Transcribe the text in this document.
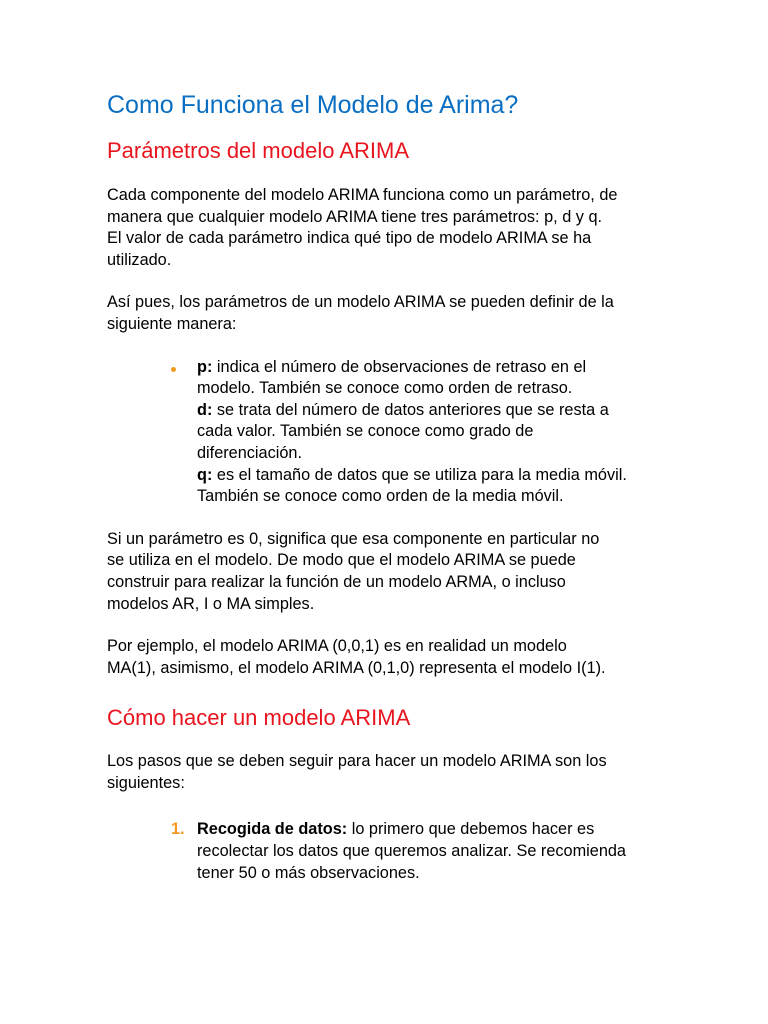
Como Funciona el Modelo de Arima?
Parámetros del modelo ARIMA

Cada componente del modelo ARIMA funciona como un parámetro, de
manera que cualquier modelo ARIMA tiene tres parámetros: p, d y q.
El valor de cada parámetro indica qué tipo de modelo ARIMA se ha
utilizado.

Así pues, los parámetros de un modelo ARIMA se pueden definir de la
siguiente manera:

p: indica el número de observaciones de retraso en el
modelo. También se conoce como orden de retraso.
d: se trata del número de datos anteriores que se resta a
cada valor. También se conoce como grado de
diferenciación.
q: es el tamaño de datos que se utiliza para la media móvil.
También se conoce como orden de la media móvil.

Si un parámetro es 0, significa que esa componente en particular no
se utiliza en el modelo. De modo que el modelo ARIMA se puede
construir para realizar la función de un modelo ARMA, o incluso
modelos AR, I o MA simples.

Por ejemplo, el modelo ARIMA (0,0,1) es en realidad un modelo
MA(1), asimismo, el modelo ARIMA (0,1,0) representa el modelo I(1).

Cómo hacer un modelo ARIMA

Los pasos que se deben seguir para hacer un modelo ARIMA son los
siguientes:

1. Recogida de datos: lo primero que debemos hacer es
recolectar los datos que queremos analizar. Se recomienda
tener 50 o más observaciones.
